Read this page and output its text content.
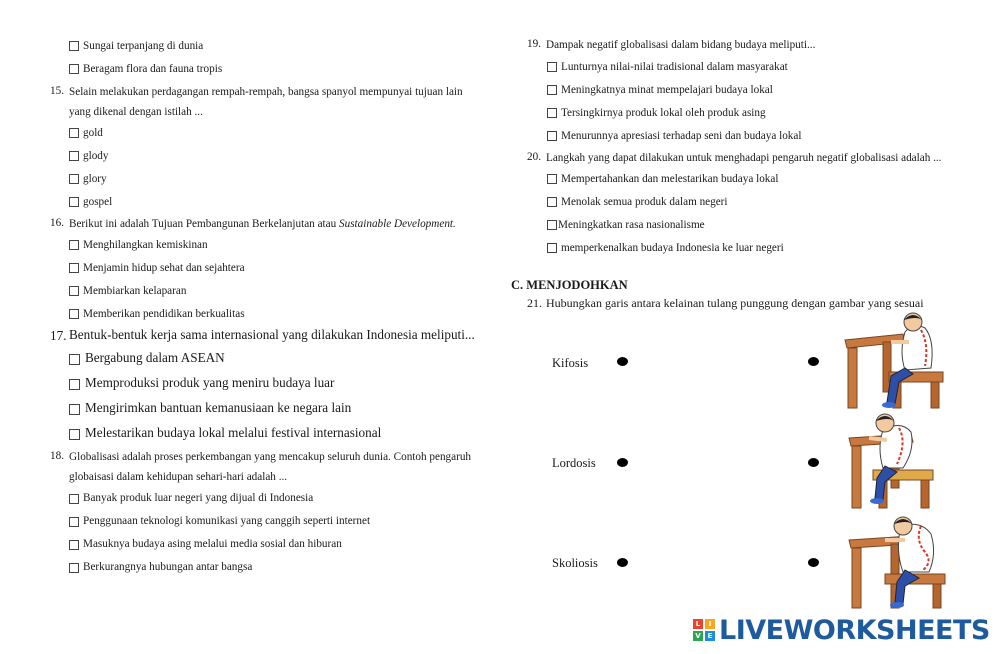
Sungai terpanjang di dunia
Beragam flora dan fauna tropis
15. Selain melakukan perdagangan rempah-rempah, bangsa spanyol mempunyai tujuan lain
yang dikenal dengan istilah ...
gold
glody
glory
gospel
16. Berikut ini adalah Tujuan Pembangunan Berkelanjutan atau Sustainable Development.
Menghilangkan kemiskinan
Menjamin hidup sehat dan sejahtera
Membiarkan kelaparan
Memberikan pendidikan berkualitas
17. Bentuk-bentuk kerja sama internasional yang dilakukan Indonesia meliputi...
Bergabung dalam ASEAN
Memproduksi produk yang meniru budaya luar
Mengirimkan bantuan kemanusiaan ke negara lain
Melestarikan budaya lokal melalui festival internasional
18. Globalisasi adalah proses perkembangan yang mencakup seluruh dunia. Contoh pengaruh
globaisasi dalam kehidupan sehari-hari adalah ...
Banyak produk luar negeri yang dijual di Indonesia
Penggunaan teknologi komunikasi yang canggih seperti internet
Masuknya budaya asing melalui media sosial dan hiburan
Berkurangnya hubungan antar bangsa
19. Dampak negatif globalisasi dalam bidang budaya meliputi...
Lunturnya nilai-nilai tradisional dalam masyarakat
Meningkatnya minat mempelajari budaya lokal
Tersingkirnya produk lokal oleh produk asing
Menurunnya apresiasi terhadap seni dan budaya lokal
20. Langkah yang dapat dilakukan untuk menghadapi pengaruh negatif globalisasi adalah ...
Mempertahankan dan melestarikan budaya lokal
Menolak semua produk dalam negeri
Meningkatkan rasa nasionalisme
memperkenalkan budaya Indonesia ke luar negeri
C. MENJODOHKAN
21. Hubungkan garis antara kelainan tulang punggung dengan gambar yang sesuai
Kifosis
Lordosis
Skoliosis
L	I
V E LIVEWORKSHEETS
